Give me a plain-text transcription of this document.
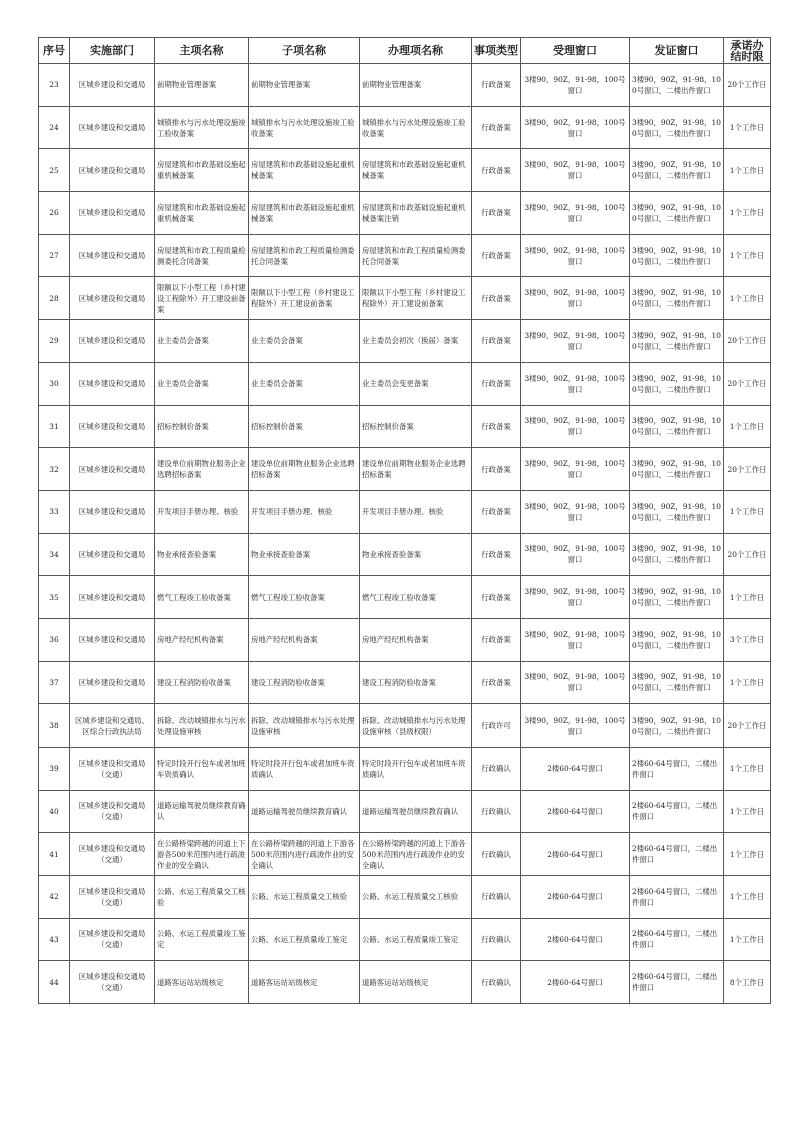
序号	实施部门	主项名称	子项名称	办理项名称	事项类型	受理窗口	发证窗口	承诺办结时限
23	区城乡建设和交通局	前期物业管理备案	前期物业管理备案	前期物业管理备案	行政备案	3楼90，90Z，91-98，100号窗口	3楼90，90Z，91-98，100号窗口，二楼出件窗口	20个工作日
24	区城乡建设和交通局	城镇排水与污水处理设施竣工验收备案	城镇排水与污水处理设施竣工验收备案	城镇排水与污水处理设施竣工验收备案	行政备案	3楼90，90Z，91-98，100号窗口	3楼90，90Z，91-98，100号窗口，二楼出件窗口	1个工作日
25	区城乡建设和交通局	房屋建筑和市政基础设施起重机械备案	房屋建筑和市政基础设施起重机械备案	房屋建筑和市政基础设施起重机械备案	行政备案	3楼90，90Z，91-98，100号窗口	3楼90，90Z，91-98，100号窗口，二楼出件窗口	1个工作日
26	区城乡建设和交通局	房屋建筑和市政基础设施起重机械备案	房屋建筑和市政基础设施起重机械备案	房屋建筑和市政基础设施起重机械备案注销	行政备案	3楼90，90Z，91-98，100号窗口	3楼90，90Z，91-98，100号窗口，二楼出件窗口	1个工作日
27	区城乡建设和交通局	房屋建筑和市政工程质量检测委托合同备案	房屋建筑和市政工程质量检测委托合同备案	房屋建筑和市政工程质量检测委托合同备案	行政备案	3楼90，90Z，91-98，100号窗口	3楼90，90Z，91-98，100号窗口，二楼出件窗口	1个工作日
28	区城乡建设和交通局	限额以下小型工程（乡村建设工程除外）开工建设前备案	限额以下小型工程（乡村建设工程除外）开工建设前备案	限额以下小型工程（乡村建设工程除外）开工建设前备案	行政备案	3楼90，90Z，91-98，100号窗口	3楼90，90Z，91-98，100号窗口，二楼出件窗口	1个工作日
29	区城乡建设和交通局	业主委员会备案	业主委员会备案	业主委员会初次（换届）备案	行政备案	3楼90，90Z，91-98，100号窗口	3楼90，90Z，91-98，100号窗口，二楼出件窗口	20个工作日
30	区城乡建设和交通局	业主委员会备案	业主委员会备案	业主委员会变更备案	行政备案	3楼90，90Z，91-98，100号窗口	3楼90，90Z，91-98，100号窗口，二楼出件窗口	20个工作日
31	区城乡建设和交通局	招标控制价备案	招标控制价备案	招标控制价备案	行政备案	3楼90，90Z，91-98，100号窗口	3楼90，90Z，91-98，100号窗口，二楼出件窗口	1个工作日
32	区城乡建设和交通局	建设单位前期物业服务企业选聘招标备案	建设单位前期物业服务企业选聘招标备案	建设单位前期物业服务企业选聘招标备案	行政备案	3楼90，90Z，91-98，100号窗口	3楼90，90Z，91-98，100号窗口，二楼出件窗口	20个工作日
33	区城乡建设和交通局	开发项目手册办理、核验	开发项目手册办理、核验	开发项目手册办理、核验	行政备案	3楼90，90Z，91-98，100号窗口	3楼90，90Z，91-98，100号窗口，二楼出件窗口	1个工作日
34	区城乡建设和交通局	物业承接查验备案	物业承接查验备案	物业承接查验备案	行政备案	3楼90，90Z，91-98，100号窗口	3楼90，90Z，91-98，100号窗口，二楼出件窗口	20个工作日
35	区城乡建设和交通局	燃气工程竣工验收备案	燃气工程竣工验收备案	燃气工程竣工验收备案	行政备案	3楼90，90Z，91-98，100号窗口	3楼90，90Z，91-98，100号窗口，二楼出件窗口	1个工作日
36	区城乡建设和交通局	房地产经纪机构备案	房地产经纪机构备案	房地产经纪机构备案	行政备案	3楼90，90Z，91-98，100号窗口	3楼90，90Z，91-98，100号窗口，二楼出件窗口	3个工作日
37	区城乡建设和交通局	建设工程消防验收备案	建设工程消防验收备案	建设工程消防验收备案	行政备案	3楼90，90Z，91-98，100号窗口	3楼90，90Z，91-98，100号窗口，二楼出件窗口	1个工作日
38	区城乡建设和交通局、区综合行政执法局	拆除、改动城镇排水与污水处理设施审核	拆除、改动城镇排水与污水处理设施审核	拆除、改动城镇排水与污水处理设施审核（县级权限）	行政许可	3楼90，90Z，91-98，100号窗口	3楼90，90Z，91-98，100号窗口，二楼出件窗口	20个工作日
39	区城乡建设和交通局（交通）	特定时段开行包车或者加班车资质确认	特定时段开行包车或者加班车资质确认	特定时段开行包车或者加班车资质确认	行政确认	2楼60-64号窗口	2楼60-64号窗口，二楼出件窗口	1个工作日
40	区城乡建设和交通局（交通）	道路运输驾驶员继续教育确认	道路运输驾驶员继续教育确认	道路运输驾驶员继续教育确认	行政确认	2楼60-64号窗口	2楼60-64号窗口，二楼出件窗口	1个工作日
41	区城乡建设和交通局（交通）	在公路桥梁跨越的河道上下游各500米范围内进行疏浚作业的安全确认	在公路桥梁跨越的河道上下游各500米范围内进行疏浚作业的安全确认	在公路桥梁跨越的河道上下游各500米范围内进行疏浚作业的安全确认	行政确认	2楼60-64号窗口	2楼60-64号窗口，二楼出件窗口	1个工作日
42	区城乡建设和交通局（交通）	公路、水运工程质量交工核验	公路、水运工程质量交工核验	公路、水运工程质量交工核验	行政确认	2楼60-64号窗口	2楼60-64号窗口，二楼出件窗口	1个工作日
43	区城乡建设和交通局（交通）	公路、水运工程质量竣工鉴定	公路、水运工程质量竣工鉴定	公路、水运工程质量竣工鉴定	行政确认	2楼60-64号窗口	2楼60-64号窗口，二楼出件窗口	1个工作日
44	区城乡建设和交通局（交通）	道路客运站站级核定	道路客运站站级核定	道路客运站站级核定	行政确认	2楼60-64号窗口	2楼60-64号窗口，二楼出件窗口	8个工作日
